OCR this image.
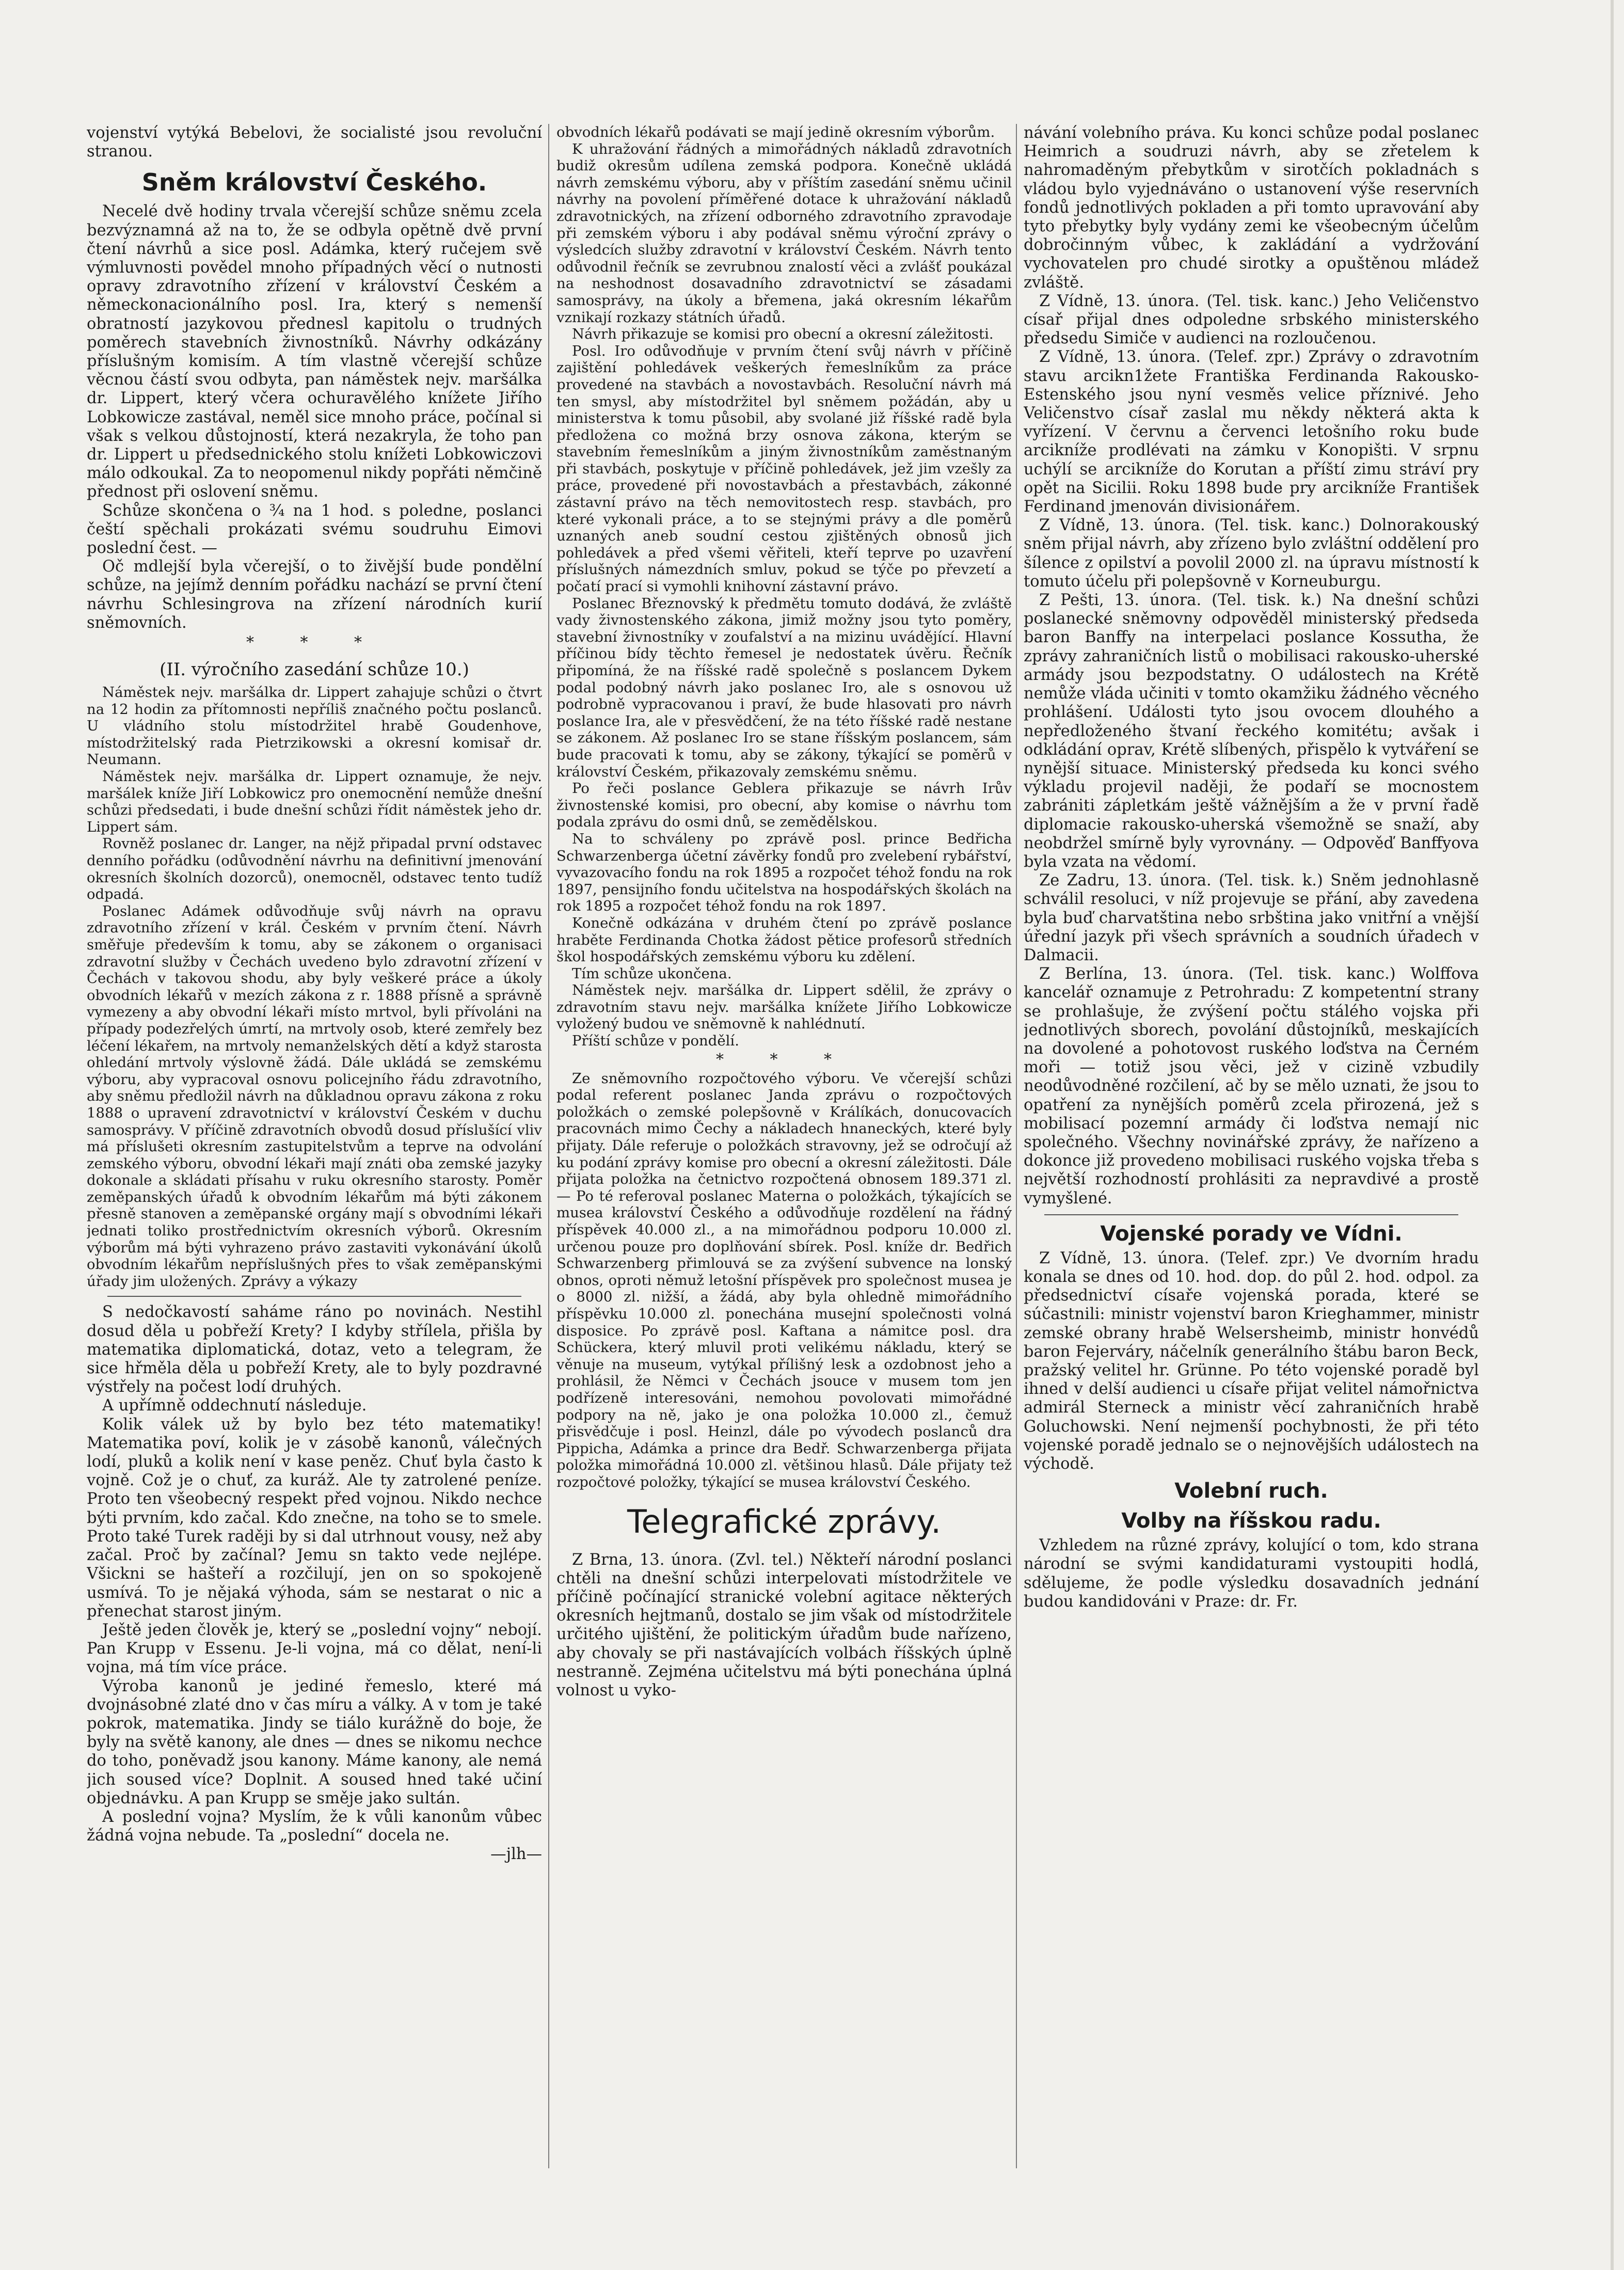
vojenství vytýká Bebelovi, že socialisté jsou revoluční stranou.

Sněm království Českého.

Necelé dvě hodiny trvala včerejší schůze sněmu zcela bezvýznamná až na to, že se odbyla opětně dvě první čtení návrhů a sice posl. Adámka, který ručejem svě výmluvnosti povědel mnoho případných věcí o nutnosti opravy zdravotního zřízení v království Českém a německonacionálního posl. Ira, který s nemenší obratností jazykovou přednesl kapitolu o trudných poměrech stavebních živnostníků. Návrhy odkázány příslušným komisím. A tím vlastně včerejší schůze věcnou částí svou odbyta, pan náměstek nejv. maršálka dr. Lippert, který včera ochuravělého knížete Jiřího Lobkowicze zastával, neměl sice mnoho práce, počínal si však s velkou důstojností, která nezakryla, že toho pan dr. Lippert u předsednického stolu knížeti Lobkowiczovi málo odkoukal. Za to neopomenul nikdy popřáti němčině přednost při oslovení sněmu.

Schůze skončena o ¾ na 1 hod. s poledne, poslanci čeští spěchali prokázati svému soudruhu Eimovi poslední čest. —

Oč mdlejší byla včerejší, o to živější bude pondělní schůze, na jejímž denním pořádku nachází se první čtení návrhu Schlesingrova na zřízení národních kurií sněmovních.

* * *
(II. výročního zasedání schůze 10.)

Náměstek nejv. maršálka dr. Lippert zahajuje schůzi o čtvrt na 12 hodin za přítomnosti nepříliš značného počtu poslanců. U vládního stolu místodržitel hrabě Goudenhove, místodržitelský rada Pietrzikowski a okresní komisař dr. Neumann.

Náměstek nejv. maršálka dr. Lippert oznamuje, že nejv. maršálek kníže Jiří Lobkowicz pro onemocnění nemůže dnešní schůzi předsedati, i bude dnešní schůzi řídit náměstek jeho dr. Lippert sám.

Rovněž poslanec dr. Langer, na nějž připadal první odstavec denního pořádku (odůvodnění návrhu na definitivní jmenování okresních školních dozorců), onemocněl, odstavec tento tudíž odpadá.

Poslanec Adámek odůvodňuje svůj návrh na opravu zdravotního zřízení v král. Českém v prvním čtení. Návrh směřuje především k tomu, aby se zákonem o organisaci zdravotní služby v Čechách uvedeno bylo zdravotní zřízení v Čechách v takovou shodu, aby byly veškeré práce a úkoly obvodních lékařů v mezích zákona z r. 1888 přísně a správně vymezeny a aby obvodní lékaři místo mrtvol, byli přívoláni na případy podezřelých úmrtí, na mrtvoly osob, které zemřely bez léčení lékařem, na mrtvoly nemanželských dětí a když starosta ohledání mrtvoly výslovně žádá. Dále ukládá se zemskému výboru, aby vypracoval osnovu policejního řádu zdravotního, aby sněmu předložil návrh na důkladnou opravu zákona z roku 1888 o upravení zdravotnictví v království Českém v duchu samosprávy. V příčině zdravotních obvodů dosud příslušící vliv má příslušeti okresním zastupitelstvům a teprve na odvolání zemského výboru, obvodní lékaři mají znáti oba zemské jazyky dokonale a skládati přísahu v ruku okresního starosty. Poměr zeměpanských úřadů k obvodním lékařům má býti zákonem přesně stanoven a zeměpanské orgány mají s obvodními lékaři jednati toliko prostřednictvím okresních výborů. Okresním výborům má býti vyhrazeno právo zastaviti vykonávání úkolů obvodním lékařům nepříslušných přes to však zeměpanskými úřady jim uložených. Zprávy a výkazy

S nedočkavostí saháme ráno po novinách. Nestihl dosud děla u pobřeží Krety? I kdyby střílela, přišla by matematika diplomatická, dotaz, veto a telegram, že sice hřměla děla u pobřeží Krety, ale to byly pozdravné výstřely na počest lodí druhých.

A upřímně oddechnutí následuje.

Kolik válek už by bylo bez této matematiky! Matematika poví, kolik je v zásobě kanonů, válečných lodí, pluků a kolik není v kase peněz. Chuť byla často k vojně. Což je o chuť, za kuráž. Ale ty zatrolené peníze. Proto ten všeobecný respekt před vojnou. Nikdo nechce býti prvním, kdo začal. Kdo znečne, na toho se to smele. Proto také Turek raději by si dal utrhnout vousy, než aby začal. Proč by začínal? Jemu sn takto vede nejlépe. Všickni se hašteří a rozčilují, jen on so spokojeně usmívá. To je nějaká výhoda, sám se nestarat o nic a přenechat starost jiným.

Ještě jeden člověk je, který se „poslední vojny“ nebojí. Pan Krupp v Essenu. Je-li vojna, má co dělat, není-li vojna, má tím více práce.

Výroba kanonů je jediné řemeslo, které má dvojnásobné zlaté dno v čas míru a války. A v tom je také pokrok, matematika. Jindy se tiálo kurážně do boje, že byly na světě kanony, ale dnes — dnes se nikomu nechce do toho, poněvadž jsou kanony. Máme kanony, ale nemá jich soused více? Doplnit. A soused hned také učiní objednávku. A pan Krupp se směje jako sultán.

A poslední vojna? Myslím, že k vůli kanonům vůbec žádná vojna nebude. Ta „poslední“ docela ne.

—jlh—

obvodních lékařů podávati se mají jedině okresním výborům.

K uhražování řádných a mimořádných nákladů zdravotních budiž okresům udílena zemská podpora. Konečně ukládá návrh zemskému výboru, aby v příštím zasedání sněmu učinil návrhy na povolení příměřené dotace k uhražování nákladů zdravotnických, na zřízení odborného zdravotního zpravodaje při zemském výboru i aby podával sněmu výroční zprávy o výsledcích služby zdravotní v království Českém. Návrh tento odůvodnil řečník se zevrubnou znalostí věci a zvlášť poukázal na neshodnost dosavadního zdravotnictví se zásadami samosprávy, na úkoly a břemena, jaká okresním lékařům vznikají rozkazy státních úřadů.

Návrh přikazuje se komisi pro obecní a okresní záležitosti.

Posl. Iro odůvodňuje v prvním čtení svůj návrh v příčině zajištění pohledávek veškerých řemeslníkům za práce provedené na stavbách a novostavbách. Resoluční návrh má ten smysl, aby místodržitel byl sněmem požádán, aby u ministerstva k tomu působil, aby svolané již říšské radě byla předložena co možná brzy osnova zákona, kterým se stavebním řemeslníkům a jiným živnostníkům zaměstnaným při stavbách, poskytuje v příčině pohledávek, jež jim vzešly za práce, provedené při novostavbách a přestavbách, zákonné zástavní právo na těch nemovitostech resp. stavbách, pro které vykonali práce, a to se stejnými právy a dle poměrů uznaných aneb soudní cestou zjištěných obnosů jich pohledávek a před všemi věřiteli, kteří teprve po uzavření příslušných námezdních smluv, pokud se týče po převzetí a počatí prací si vymohli knihovní zástavní právo.

Poslanec Březnovský k předmětu tomuto dodává, že zvláště vady živnostenského zákona, jimiž možny jsou tyto poměry, stavební živnostníky v zoufalství a na mizinu uvádějící. Hlavní příčinou bídy těchto řemesel je nedostatek úvěru. Řečník připomíná, že na říšské radě společně s poslancem Dykem podal podobný návrh jako poslanec Iro, ale s osnovou už podrobně vypracovanou i praví, že bude hlasovati pro návrh poslance Ira, ale v přesvědčení, že na této říšské radě nestane se zákonem. Až poslanec Iro se stane říšským poslancem, sám bude pracovati k tomu, aby se zákony, týkající se poměrů v království Českém, přikazovaly zemskému sněmu.

Po řeči poslance Geblera přikazuje se návrh Irův živnostenské komisi, pro obecní, aby komise o návrhu tom podala zprávu do osmi dnů, se zemědělskou.

Na to schváleny po zprávě posl. prince Bedřicha Schwarzenberga účetní závěrky fondů pro zvelebení rybářství, vyvazovacího fondu na rok 1895 a rozpočet téhož fondu na rok 1897, pensijního fondu učitelstva na hospodářských školách na rok 1895 a rozpočet téhož fondu na rok 1897.

Konečně odkázána v druhém čtení po zprávě poslance hraběte Ferdinanda Chotka žádost pětice profesorů středních škol hospodářských zemskému výboru ku zdělení.

Tím schůze ukončena.

Náměstek nejv. maršálka dr. Lippert sdělil, že zprávy o zdravotním stavu nejv. maršálka knížete Jiřího Lobkowicze vyložený budou ve sněmovně k nahlédnutí.

Příští schůze v pondělí.

* * *

Ze sněmovního rozpočtového výboru. Ve včerejší schůzi podal referent poslanec Janda zprávu o rozpočtových položkách o zemské polepšovně v Králíkách, donucovacích pracovnách mimo Čechy a nákladech hnaneckých, které byly přijaty. Dále referuje o položkách stravovny, jež se odročují až ku podání zprávy komise pro obecní a okresní záležitosti. Dále přijata položka na četnictvo rozpočtená obnosem 189.371 zl. — Po té referoval poslanec Materna o položkách, týkajících se musea království Českého a odůvodňuje rozdělení na řádný příspěvek 40.000 zl., a na mimořádnou podporu 10.000 zl. určenou pouze pro doplňování sbírek. Posl. kníže dr. Bedřich Schwarzenberg přimlouvá se za zvýšení subvence na lonský obnos, oproti němuž letošní příspěvek pro společnost musea je o 8000 zl. nižší, a žádá, aby byla ohledně mimořádního příspěvku 10.000 zl. ponechána musejní společnosti volná disposice. Po zprávě posl. Kaftana a námitce posl. dra Schückera, který mluvil proti velikému nákladu, který se věnuje na museum, vytýkal přílišný lesk a ozdobnost jeho a prohlásil, že Němci v Čechách jsouce v musem tom jen podřízeně interesováni, nemohou povolovati mimořádné podpory na ně, jako je ona položka 10.000 zl., čemuž přisvědčuje i posl. Heinzl, dále po vývodech poslanců dra Pippicha, Adámka a prince dra Bedř. Schwarzenberga přijata položka mimořádná 10.000 zl. většinou hlasů. Dále přijaty tež rozpočtové položky, týkající se musea království Českého.

Telegrafické zprávy.

Z Brna, 13. února. (Zvl. tel.) Někteří národní poslanci chtěli na dnešní schůzi interpelovati místodržitele ve příčině počínající stranické volební agitace některých okresních hejtmanů, dostalo se jim však od místodržitele určitého ujištění, že politickým úřadům bude nařízeno, aby chovaly se při nastávajících volbách říšských úplně nestranně. Zejména učitelstvu má býti ponechána úplná volnost u vyko-

návání volebního práva. Ku konci schůze podal poslanec Heimrich a soudruzi návrh, aby se zřetelem k nahromaděným přebytkům v sirotčích pokladnách s vládou bylo vyjednáváno o ustanovení výše reservních fondů jednotlivých pokladen a při tomto upravování aby tyto přebytky byly vydány zemi ke všeobecným účelům dobročinným vůbec, k zakládání a vydržování vychovatelen pro chudé sirotky a opuštěnou mládež zvláště.

Z Vídně, 13. února. (Tel. tisk. kanc.) Jeho Veličenstvo císař přijal dnes odpoledne srbského ministerského předsedu Simiče v audienci na rozloučenou.

Z Vídně, 13. února. (Telef. zpr.) Zprávy o zdravotním stavu arcikn1žete Františka Ferdinanda Rakousko-Estenského jsou nyní vesměs velice příznivé. Jeho Veličenstvo císař zaslal mu někdy některá akta k vyřízení. V červnu a červenci letošního roku bude arcikníže prodlévati na zámku v Konopišti. V srpnu uchýlí se arcikníže do Korutan a příští zimu stráví pry opět na Sicilii. Roku 1898 bude pry arcikníže František Ferdinand jmenován divisionářem.

Z Vídně, 13. února. (Tel. tisk. kanc.) Dolnorakouský sněm přijal návrh, aby zřízeno bylo zvláštní oddělení pro šílence z opilství a povolil 2000 zl. na úpravu místností k tomuto účelu při polepšovně v Korneuburgu.

Z Pešti, 13. února. (Tel. tisk. k.) Na dnešní schůzi poslanecké sněmovny odpověděl ministerský předseda baron Banffy na interpelaci poslance Kossutha, že zprávy zahraničních listů o mobilisaci rakousko-uherské armády jsou bezpodstatny. O událostech na Krétě nemůže vláda učiniti v tomto okamžiku žádného věcného prohlášení. Události tyto jsou ovocem dlouhého a nepředloženého štvaní řeckého komitétu; avšak i odkládání oprav, Krétě slíbených, přispělo k vytváření se nynější situace. Ministerský předseda ku konci svého výkladu projevil naději, že podaří se mocnostem zabrániti zápletkám ještě vážnějším a že v první řadě diplomacie rakousko-uherská všemožně se snaží, aby neobdržel smírně byly vyrovnány. — Odpověď Banffyova byla vzata na vědomí.

Ze Zadru, 13. února. (Tel. tisk. k.) Sněm jednohlasně schválil resoluci, v níž projevuje se přání, aby zavedena byla buď charvatština nebo srbština jako vnitřní a vnější úřední jazyk při všech správních a soudních úřadech v Dalmacii.

Z Berlína, 13. února. (Tel. tisk. kanc.) Wolffova kancelář oznamuje z Petrohradu: Z kompetentní strany se prohlašuje, že zvýšení počtu stálého vojska při jednotlivých sborech, povolání důstojníků, meskajících na dovolené a pohotovost ruského loďstva na Černém moři — totiž jsou věci, jež v cizině vzbudily neodůvodněné rozčilení, ač by se mělo uznati, že jsou to opatření za nynějších poměrů zcela přirozená, jež s mobilisací pozemní armády či loďstva nemají nic společného. Všechny novinářské zprávy, že nařízeno a dokonce již provedeno mobilisaci ruského vojska třeba s největší rozhodností prohlásiti za nepravdivé a prostě vymyšlené.

Vojenské porady ve Vídni.

Z Vídně, 13. února. (Telef. zpr.) Ve dvorním hradu konala se dnes od 10. hod. dop. do půl 2. hod. odpol. za předsednictví císaře vojenská porada, které se súčastnili: ministr vojenství baron Krieghammer, ministr zemské obrany hrabě Welsersheimb, ministr honvédů baron Fejerváry, náčelník generálního štábu baron Beck, pražský velitel hr. Grünne. Po této vojenské poradě byl ihned v delší audienci u císaře přijat velitel námořnictva admirál Sterneck a ministr věcí zahraničních hrabě Goluchowski. Není nejmenší pochybnosti, že při této vojenské poradě jednalo se o nejnovějších událostech na východě.

Volební ruch.
Volby na říšskou radu.

Vzhledem na různé zprávy, kolující o tom, kdo strana národní se svými kandidaturami vystoupiti hodlá, sdělujeme, že podle výsledku dosavadních jednání budou kandidováni v Praze: dr. Fr.
